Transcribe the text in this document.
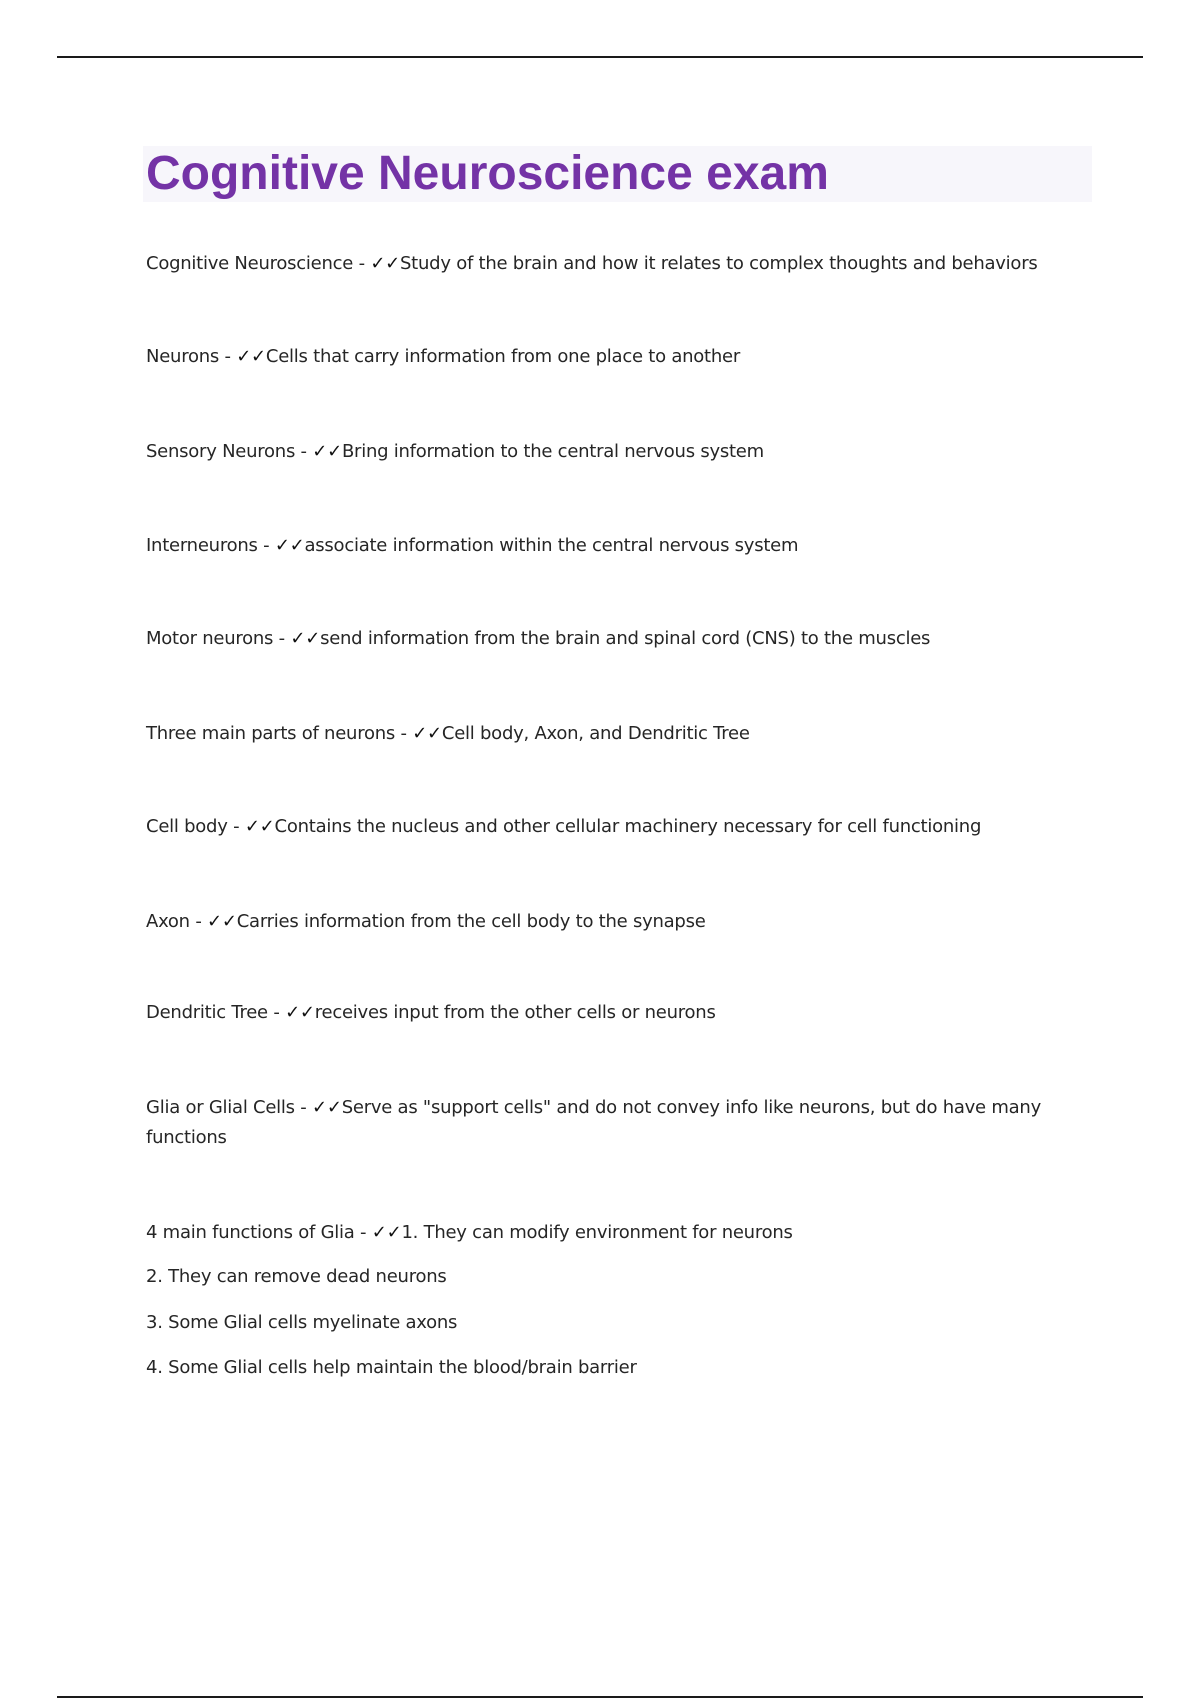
Cognitive Neuroscience exam
Cognitive Neuroscience - ✓✓Study of the brain and how it relates to complex thoughts and behaviors
Neurons - ✓✓Cells that carry information from one place to another
Sensory Neurons - ✓✓Bring information to the central nervous system
Interneurons - ✓✓associate information within the central nervous system
Motor neurons - ✓✓send information from the brain and spinal cord (CNS) to the muscles
Three main parts of neurons - ✓✓Cell body, Axon, and Dendritic Tree
Cell body - ✓✓Contains the nucleus and other cellular machinery necessary for cell functioning
Axon - ✓✓Carries information from the cell body to the synapse
Dendritic Tree - ✓✓receives input from the other cells or neurons
Glia or Glial Cells - ✓✓Serve as "support cells" and do not convey info like neurons, but do have many functions
4 main functions of Glia - ✓✓1. They can modify environment for neurons
2. They can remove dead neurons
3. Some Glial cells myelinate axons
4. Some Glial cells help maintain the blood/brain barrier
